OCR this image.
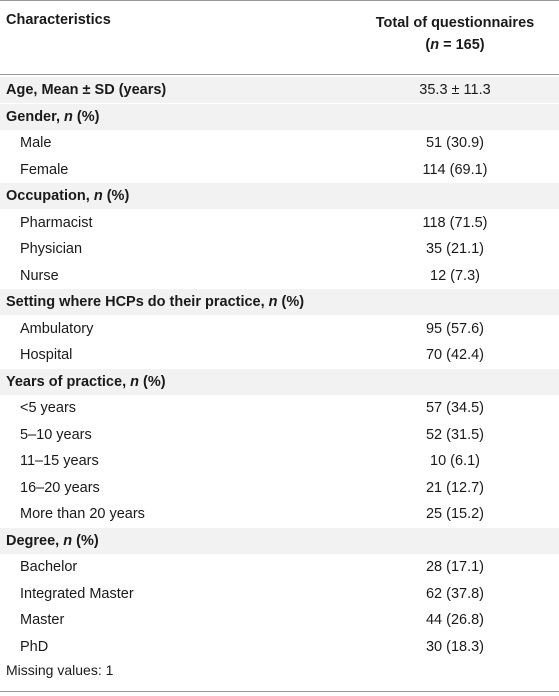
Characteristics	Total of questionnaires
(n = 165)
Age, Mean ± SD (years)	35.3 ± 11.3
Gender, n (%)
Male	51 (30.9)
Female	114 (69.1)
Occupation, n (%)
Pharmacist	118 (71.5)
Physician	35 (21.1)
Nurse	12 (7.3)
Setting where HCPs do their practice, n (%)
Ambulatory	95 (57.6)
Hospital	70 (42.4)
Years of practice, n (%)
<5 years	57 (34.5)
5–10 years	52 (31.5)
11–15 years	10 (6.1)
16–20 years	21 (12.7)
More than 20 years	25 (15.2)
Degree, n (%)
Bachelor	28 (17.1)
Integrated Master	62 (37.8)
Master	44 (26.8)
PhD	30 (18.3)
Missing values: 1
